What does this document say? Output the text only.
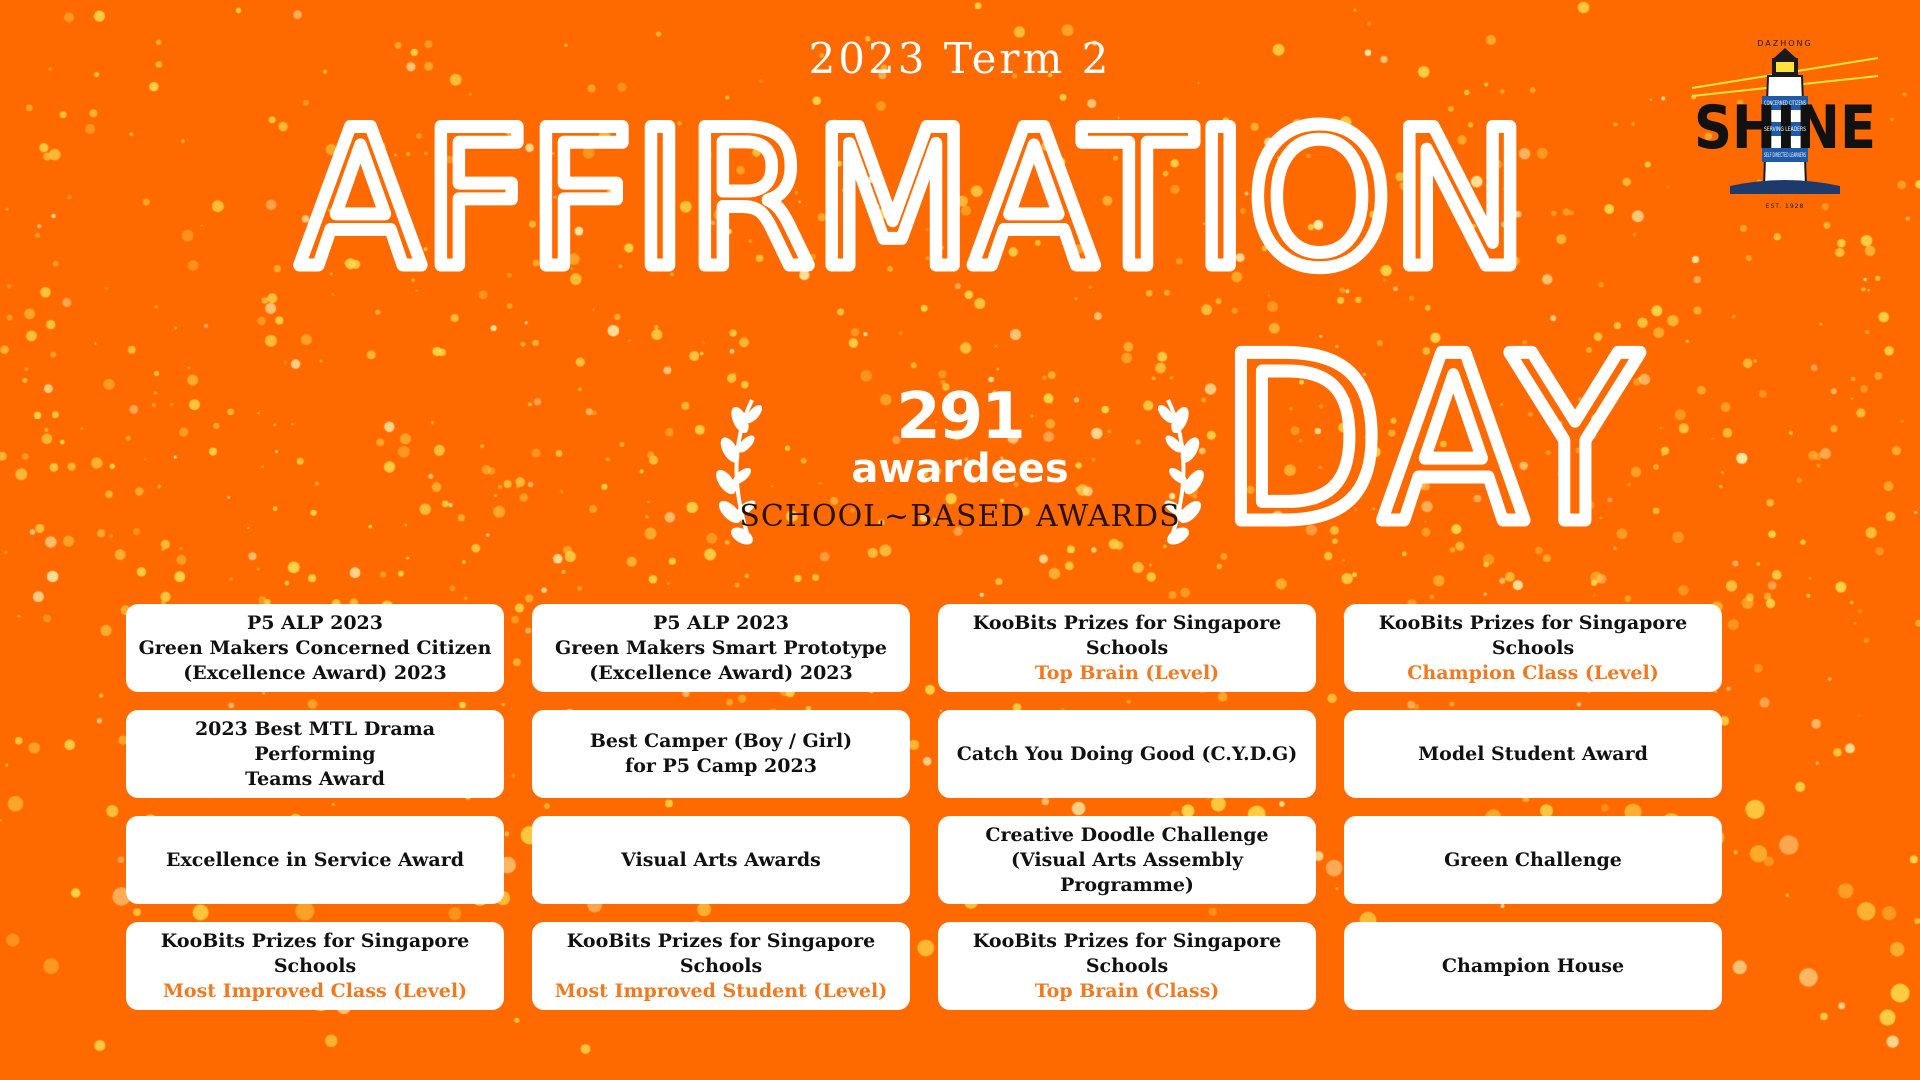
2023 Term 2
AFFIRMATION
DAY
291
awardees
SCHOOL~BASED AWARDS
DAZHONG
SHINE
CONCERNED CITIZENS
SERVING LEADERS
SELF DIRECTED LEARNERS
EST. 1928
P5 ALP 2023
Green Makers Concerned Citizen
(Excellence Award) 2023
P5 ALP 2023
Green Makers Smart Prototype
(Excellence Award) 2023
KooBits Prizes for Singapore
Schools
Top Brain (Level)
KooBits Prizes for Singapore
Schools
Champion Class (Level)
2023 Best MTL Drama Performing
Teams Award
Best Camper (Boy / Girl)
for P5 Camp 2023
Catch You Doing Good (C.Y.D.G)	Model Student Award
Excellence in Service Award	Visual Arts Awards
Creative Doodle Challenge
(Visual Arts Assembly Programme)
Green Challenge
KooBits Prizes for Singapore
Schools
Most Improved Class (Level)
KooBits Prizes for Singapore
Schools
Most Improved Student (Level)
KooBits Prizes for Singapore
Schools
Top Brain (Class)
Champion House
